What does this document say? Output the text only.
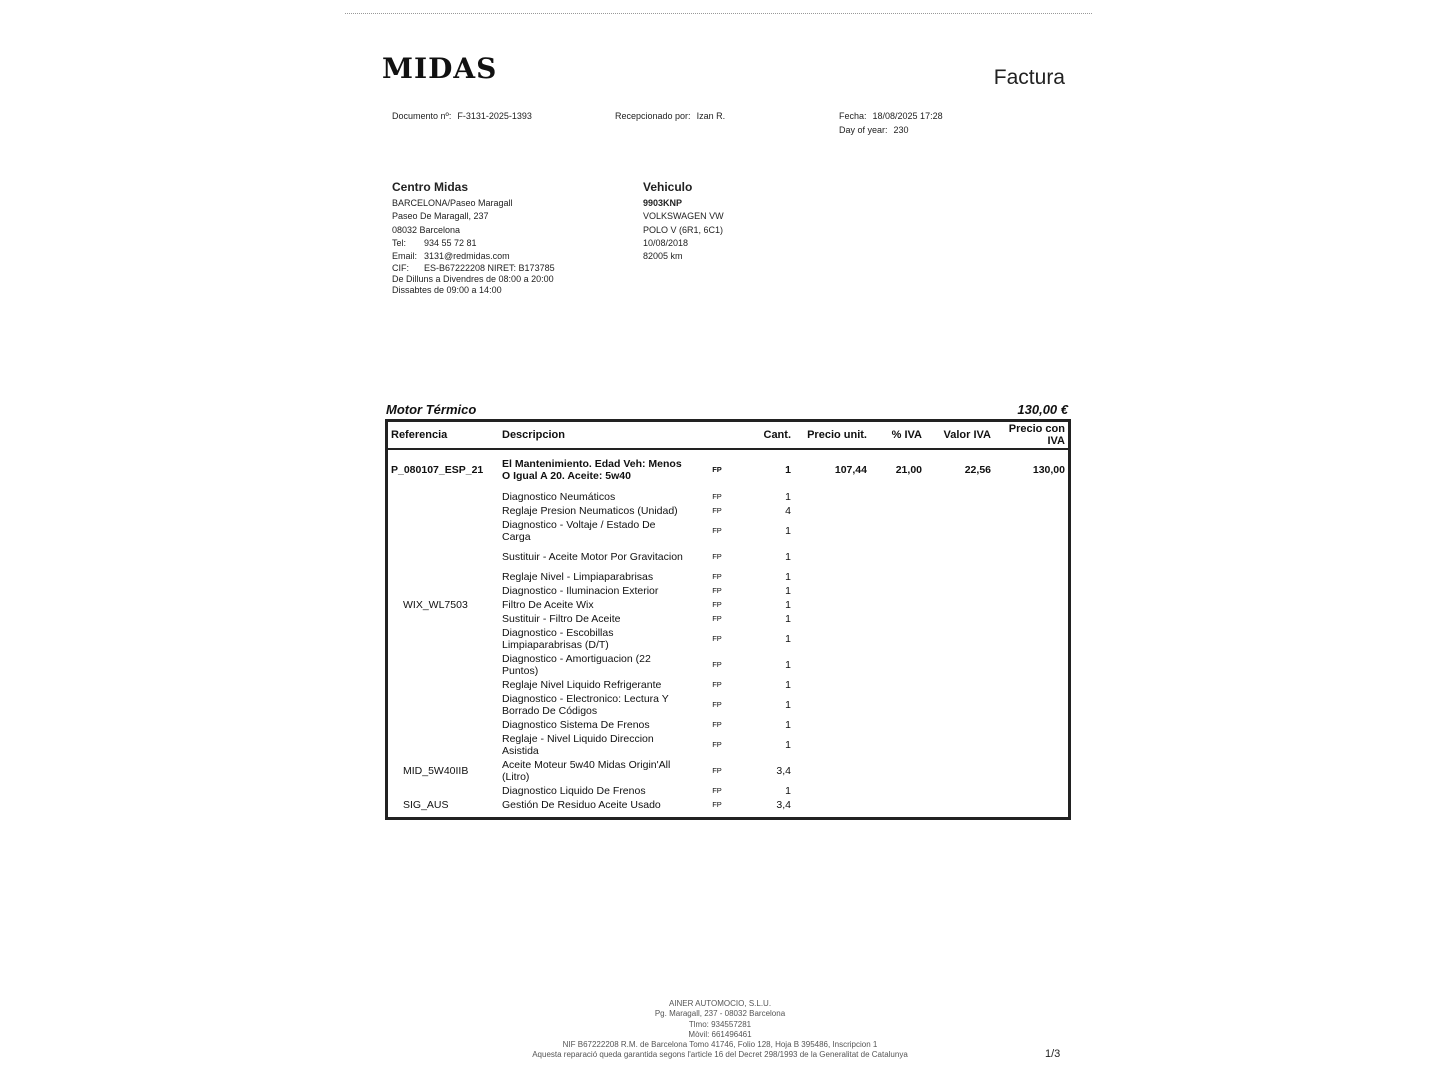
MIDAS	Factura
Documento nº: F-3131-2025-1393	Recepcionado por: Izan R.	Fecha: 18/08/2025 17:28
Day of year: 230
Centro Midas
BARCELONA/Paseo Maragall
Paseo De Maragall, 237
08032 Barcelona
Tel: 934 55 72 81
Email: 3131@redmidas.com
CIF: ES-B67222208 NIRET: B173785
De Dilluns a Divendres de 08:00 a 20:00
Dissabtes de 09:00 a 14:00
Vehiculo
9903KNP
VOLKSWAGEN VW
POLO V (6R1, 6C1)
10/08/2018
82005 km
Motor Térmico	130,00 €
Referencia	Descripcion		Cant.	Precio unit.	% IVA	Valor IVA	Precio con IVA
P_080107_ESP_21	El Mantenimiento. Edad Veh: Menos O Igual A 20. Aceite: 5w40	FP	1	107,44	21,00	22,56	130,00
	Diagnostico Neumáticos	FP	1				
	Reglaje Presion Neumaticos (Unidad)	FP	4				
	Diagnostico - Voltaje / Estado De Carga	FP	1				
	Sustituir - Aceite Motor Por Gravitacion	FP	1				
	Reglaje Nivel - Limpiaparabrisas	FP	1				
	Diagnostico - Iluminacion Exterior	FP	1				
WIX_WL7503	Filtro De Aceite Wix	FP	1				
	Sustituir - Filtro De Aceite	FP	1				
	Diagnostico - Escobillas Limpiaparabrisas (D/T)	FP	1				
	Diagnostico - Amortiguacion (22 Puntos)	FP	1				
	Reglaje Nivel Liquido Refrigerante	FP	1				
	Diagnostico - Electronico: Lectura Y Borrado De Códigos	FP	1				
	Diagnostico Sistema De Frenos	FP	1				
	Reglaje - Nivel Liquido Direccion Asistida	FP	1				
MID_5W40IIB	Aceite Moteur 5w40 Midas Origin'All (Litro)	FP	3,4				
	Diagnostico Liquido De Frenos	FP	1				
SIG_AUS	Gestión De Residuo Aceite Usado	FP	3,4				
AINER AUTOMOCIO, S.L.U.
Pg. Maragall, 237 - 08032 Barcelona
Tlmo: 934557281
Mòvil: 661496461
NIF B67222208 R.M. de Barcelona Tomo 41746, Folio 128, Hoja B 395486, Inscripcion 1
Aquesta reparació queda garantida segons l'article 16 del Decret 298/1993 de la Generalitat de Catalunya	1/3
